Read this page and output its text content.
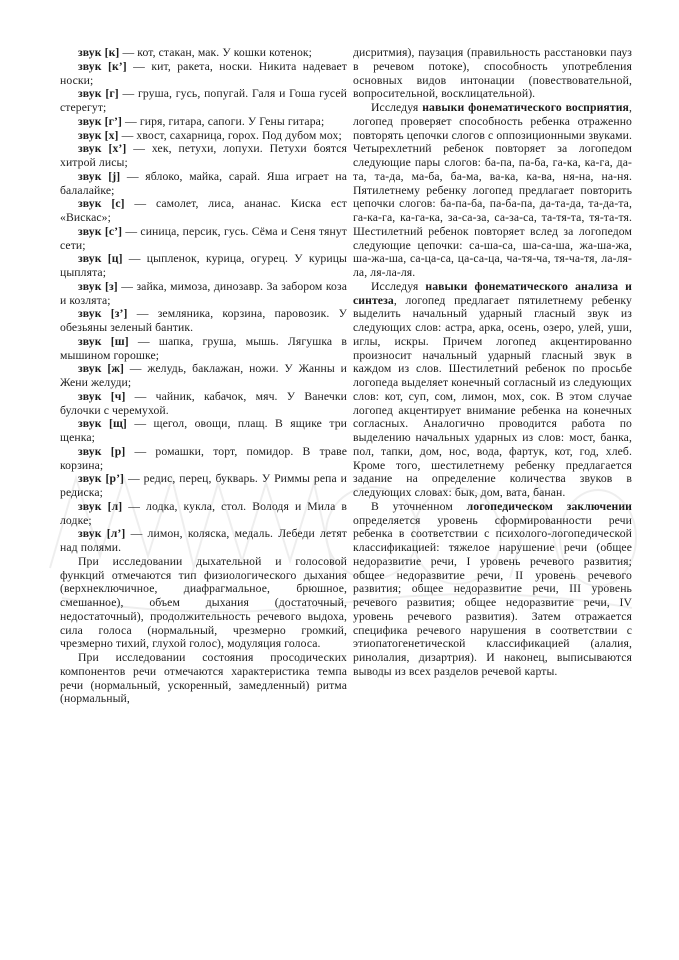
звук [к] — кот, стакан, мак. У кошки котенок;

звук [к’] — кит, ракета, носки. Никита надевает носки;

звук [г] — груша, гусь, попугай. Галя и Гоша гусей стерегут;

звук [г’] — гиря, гитара, сапоги. У Гены гитара;

звук [х] — хвост, сахарница, горох. Под дубом мох;

звук [х’] — хек, петухи, лопухи. Петухи боятся хитрой лисы;

звук [j] — яблоко, майка, сарай. Яша играет на балалайке;

звук [с] — самолет, лиса, ананас. Киска ест «Вискас»;

звук [с’] — синица, персик, гусь. Сёма и Сеня тянут сети;

звук [ц] — цыпленок, курица, огурец. У курицы цыплята;

звук [з] — зайка, мимоза, динозавр. За забором коза и козлята;

звук [з’] — земляника, корзина, паровозик. У обезьяны зеленый бантик.

звук [ш] — шапка, груша, мышь. Лягушка в мышином горошке;

звук [ж] — желудь, баклажан, ножи. У Жанны и Жени желуди;

звук [ч] — чайник, кабачок, мяч. У Ванечки булочки с черемухой.

звук [щ] — щегол, овощи, плащ. В ящике три щенка;

звук [р] — ромашки, торт, помидор. В траве корзина;

звук [р’] — редис, перец, букварь. У Риммы репа и редиска;

звук [л] — лодка, кукла, стол. Володя и Мила в лодке;

звук [л’] — лимон, коляска, медаль. Лебеди летят над полями.

При исследовании дыхательной и голосовой функций отмечаются тип физиологического дыхания (верхнеключичное, диафрагмальное, брюшное, смешанное), объем дыхания (достаточный, недостаточный), продолжительность речевого выдоха, сила голоса (нормальный, чрезмерно громкий, чрезмерно тихий, глухой голос), модуляция голоса.

При исследовании состояния просодических компонентов речи отмечаются характеристика темпа речи (нормальный, ускоренный, замедленный) ритма (нормальный,

дисритмия), паузация (правильность расстановки пауз в речевом потоке), способность употребления основных видов интонации (повествовательной, вопросительной, восклицательной).

Исследуя навыки фонематического восприятия, логопед проверяет способность ребенка отраженно повторять цепочки слогов с оппозиционными звуками. Четырехлетний ребенок повторяет за логопедом следующие пары слогов: ба-па, па-ба, га-ка, ка-га, да-та, та-да, ма-ба, ба-ма, ва-ка, ка-ва, ня-на, на-ня. Пятилетнему ребенку логопед предлагает повторить цепочки слогов: ба-па-ба, па-ба-па, да-та-да, та-да-та, га-ка-га, ка-га-ка, за-са-за, са-за-са, та-тя-та, тя-та-тя. Шестилетний ребенок повторяет вслед за логопедом следующие цепочки: са-ша-са, ша-са-ша, жа-ша-жа, ша-жа-ша, са-ца-са, ца-са-ца, ча-тя-ча, тя-ча-тя, ла-ля-ла, ля-ла-ля.

Исследуя навыки фонематического анализа и синтеза, логопед предлагает пятилетнему ребенку выделить начальный ударный гласный звук из следующих слов: астра, арка, осень, озеро, улей, уши, иглы, искры. Причем логопед акцентированно произносит начальный ударный гласный звук в каждом из слов. Шестилетний ребенок по просьбе логопеда выделяет конечный согласный из следующих слов: кот, суп, сом, лимон, мох, сок. В этом случае логопед акцентирует внимание ребенка на конечных согласных. Аналогично проводится работа по выделению начальных ударных из слов: мост, банка, пол, тапки, дом, нос, вода, фартук, кот, год, хлеб. Кроме того, шестилетнему ребенку предлагается задание на определение количества звуков в следующих словах: бык, дом, вата, банан.

В уточненном логопедическом заключении определяется уровень сформированности речи ребенка в соответствии с психолого-логопедической классификацией: тяжелое нарушение речи (общее недоразвитие речи, I уровень речевого развития; общее недоразвитие речи, II уровень речевого развития; общее недоразвитие речи, III уровень речевого развития; общее недоразвитие речи, IV уровень речевого развития). Затем отражается специфика речевого нарушения в соответствии с этиопатогенетической классификацией (алалия, ринолалия, дизартрия). И наконец, выписываются выводы из всех разделов речевой карты.
